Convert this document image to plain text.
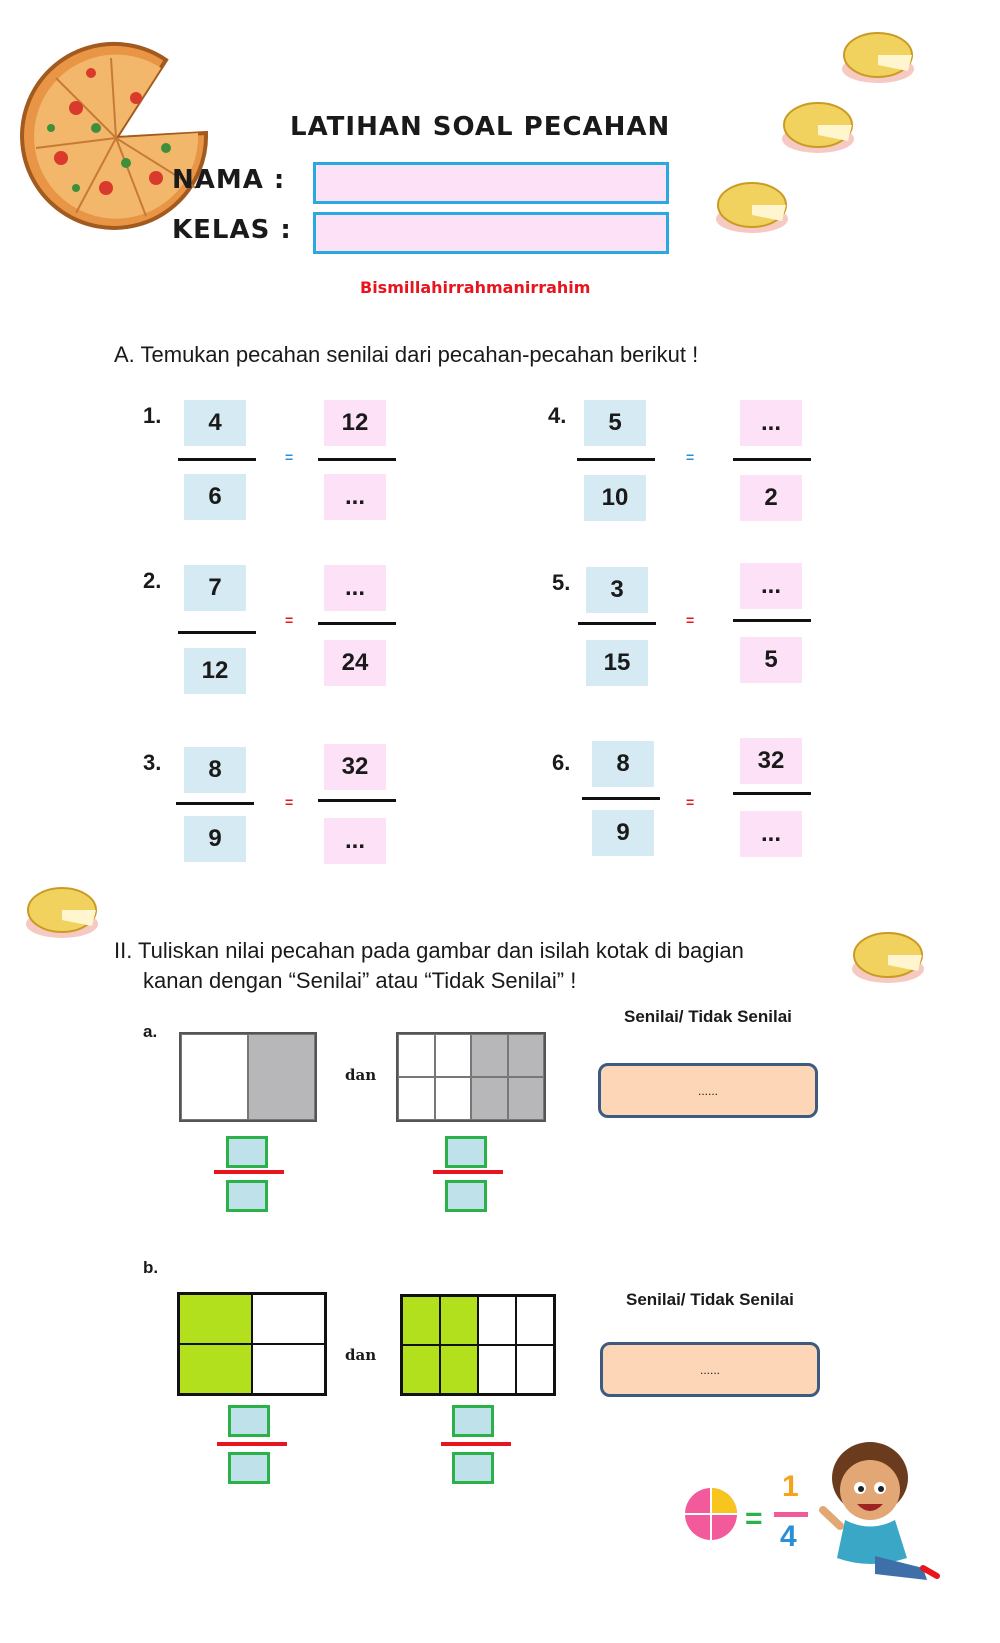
LATIHAN SOAL PECAHAN
NAMA :
KELAS :
Bismillahirrahmanirrahim
A. Temukan pecahan senilai dari pecahan-pecahan berikut !
1.	4
6
=
12
...
2.	7
12
=
...
24
3.	8
9
=
32
...
4.	5
10
=
...
2
5.	3
15
=
...
5
6.	8
9
=
32
...
II. Tuliskan nilai pecahan pada gambar dan isilah kotak di bagian
kanan dengan “Senilai” atau “Tidak Senilai” !
a.
dan
Senilai/ Tidak Senilai
......
b.
dan
Senilai/ Tidak Senilai
......
=
1
4
